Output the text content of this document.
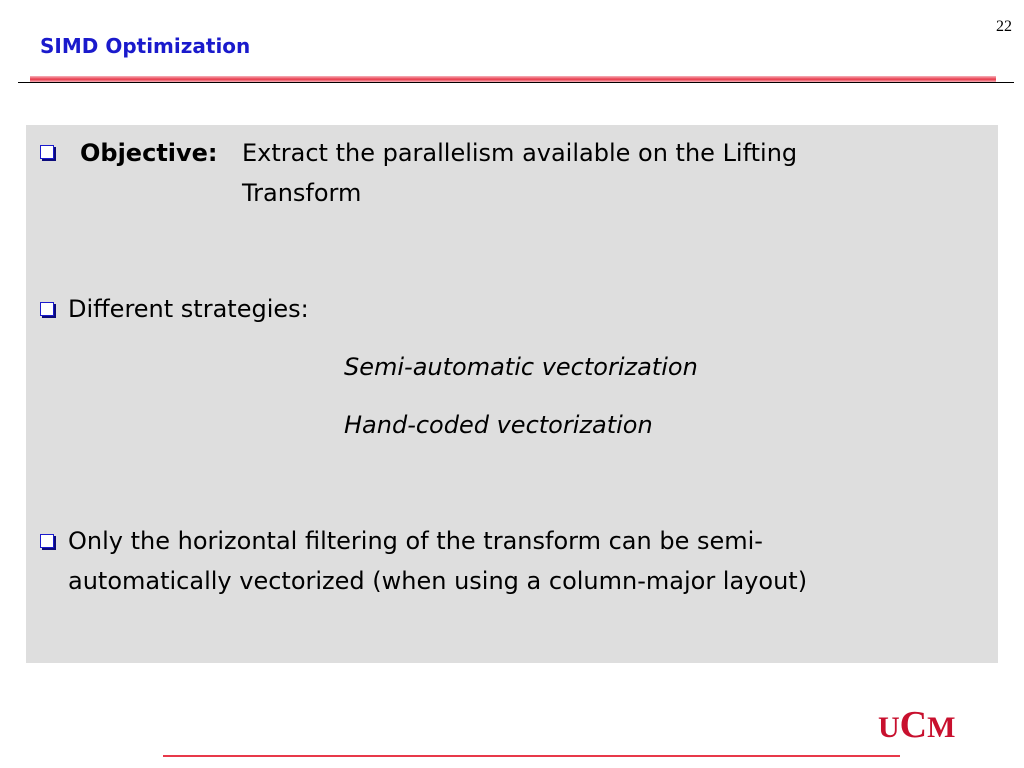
22
SIMD Optimization
Objective: Extract the parallelism available on the Lifting
Transform
Different strategies:
Semi-automatic vectorization
Hand-coded vectorization
Only the horizontal filtering of the transform can be semi-
automatically vectorized (when using a column-major layout)
UCM
